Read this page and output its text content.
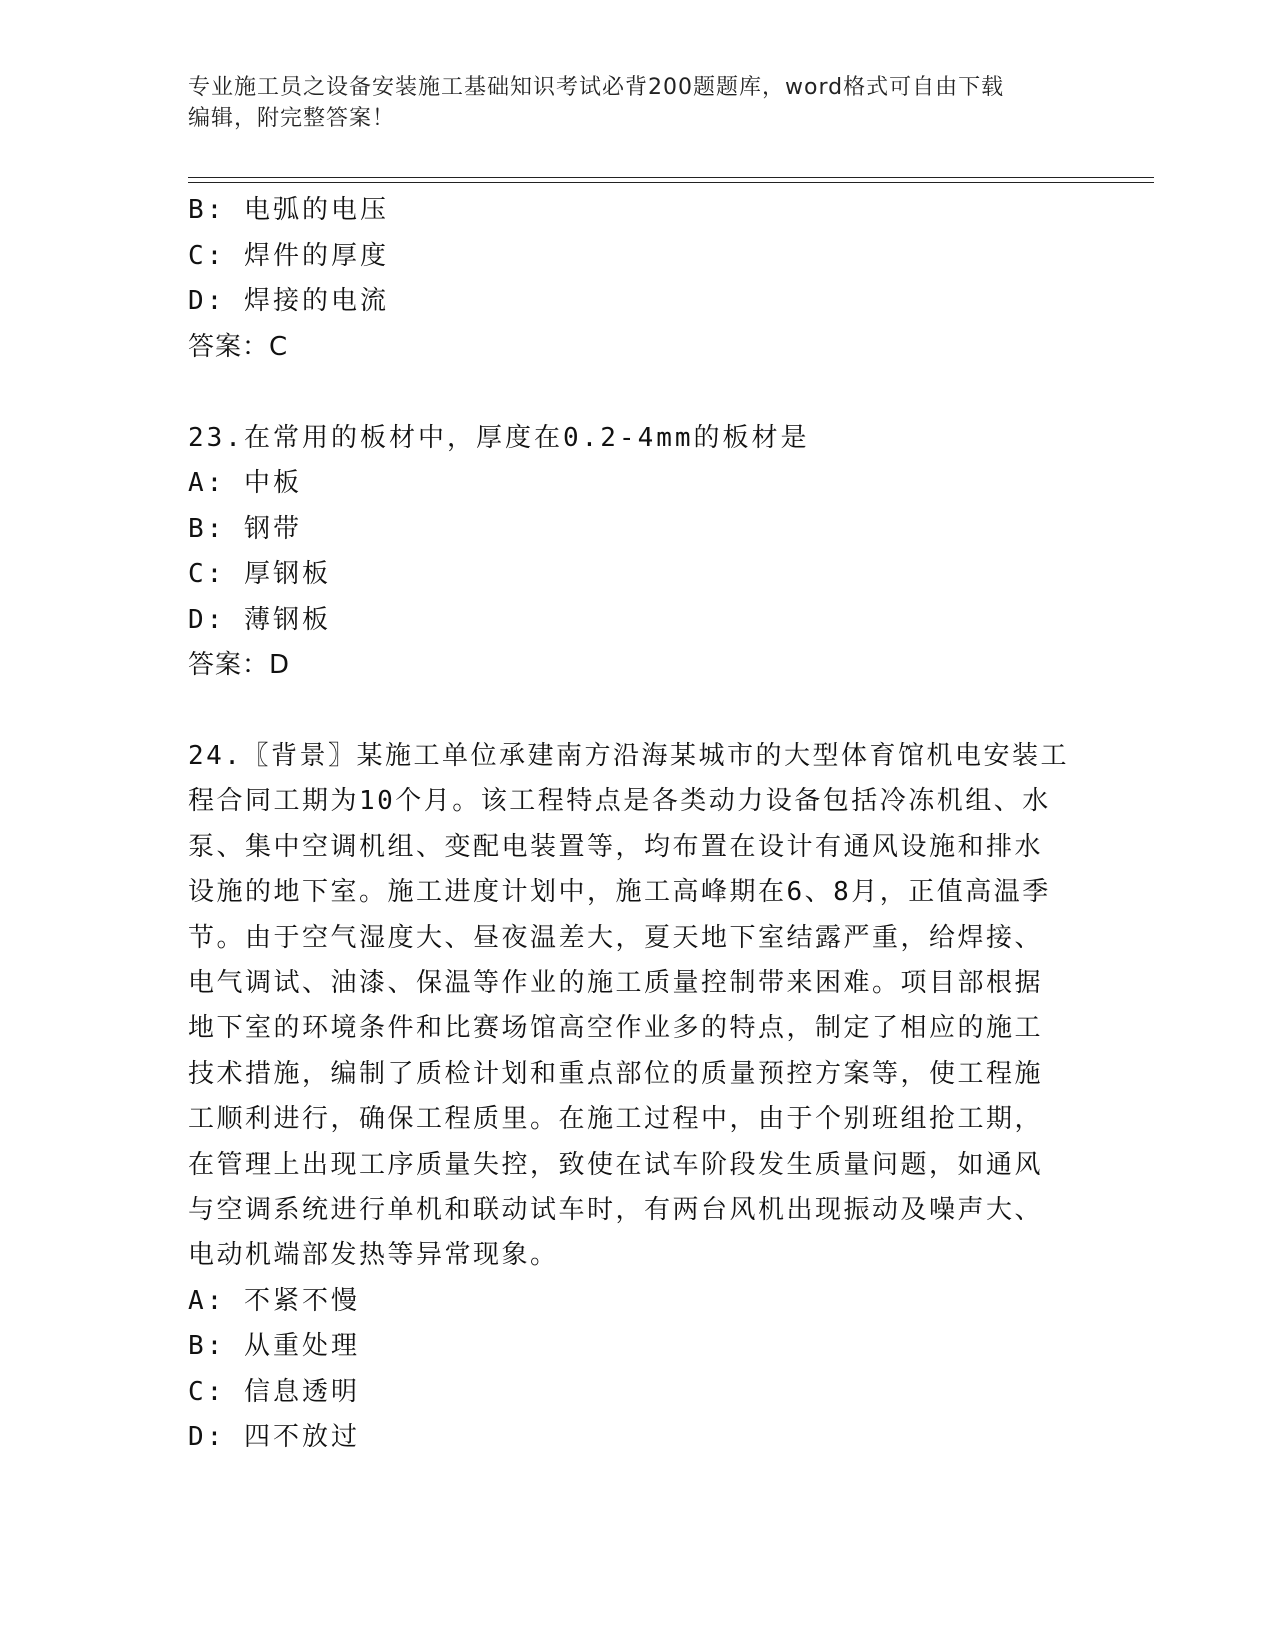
专业施工员之设备安装施工基础知识考试必背200题题库，word格式可自由下载
编辑，附完整答案！
B: 电弧的电压
C: 焊件的厚度
D: 焊接的电流
答案：C
23.在常用的板材中，厚度在0.2-4mm的板材是
A: 中板
B: 钢带
C: 厚钢板
D: 薄钢板
答案：D
24.〖背景〗某施工单位承建南方沿海某城市的大型体育馆机电安装工
程合同工期为10个月。该工程特点是各类动力设备包括冷冻机组、水
泵、集中空调机组、变配电装置等，均布置在设计有通风设施和排水
设施的地下室。施工进度计划中，施工高峰期在6、8月，正值高温季
节。由于空气湿度大、昼夜温差大，夏天地下室结露严重，给焊接、
电气调试、油漆、保温等作业的施工质量控制带来困难。项目部根据
地下室的环境条件和比赛场馆高空作业多的特点，制定了相应的施工
技术措施，编制了质检计划和重点部位的质量预控方案等，使工程施
工顺利进行，确保工程质里。在施工过程中，由于个别班组抢工期，
在管理上出现工序质量失控，致使在试车阶段发生质量问题，如通风
与空调系统进行单机和联动试车时，有两台风机出现振动及噪声大、
电动机端部发热等异常现象。
A: 不紧不慢
B: 从重处理
C: 信息透明
D: 四不放过
